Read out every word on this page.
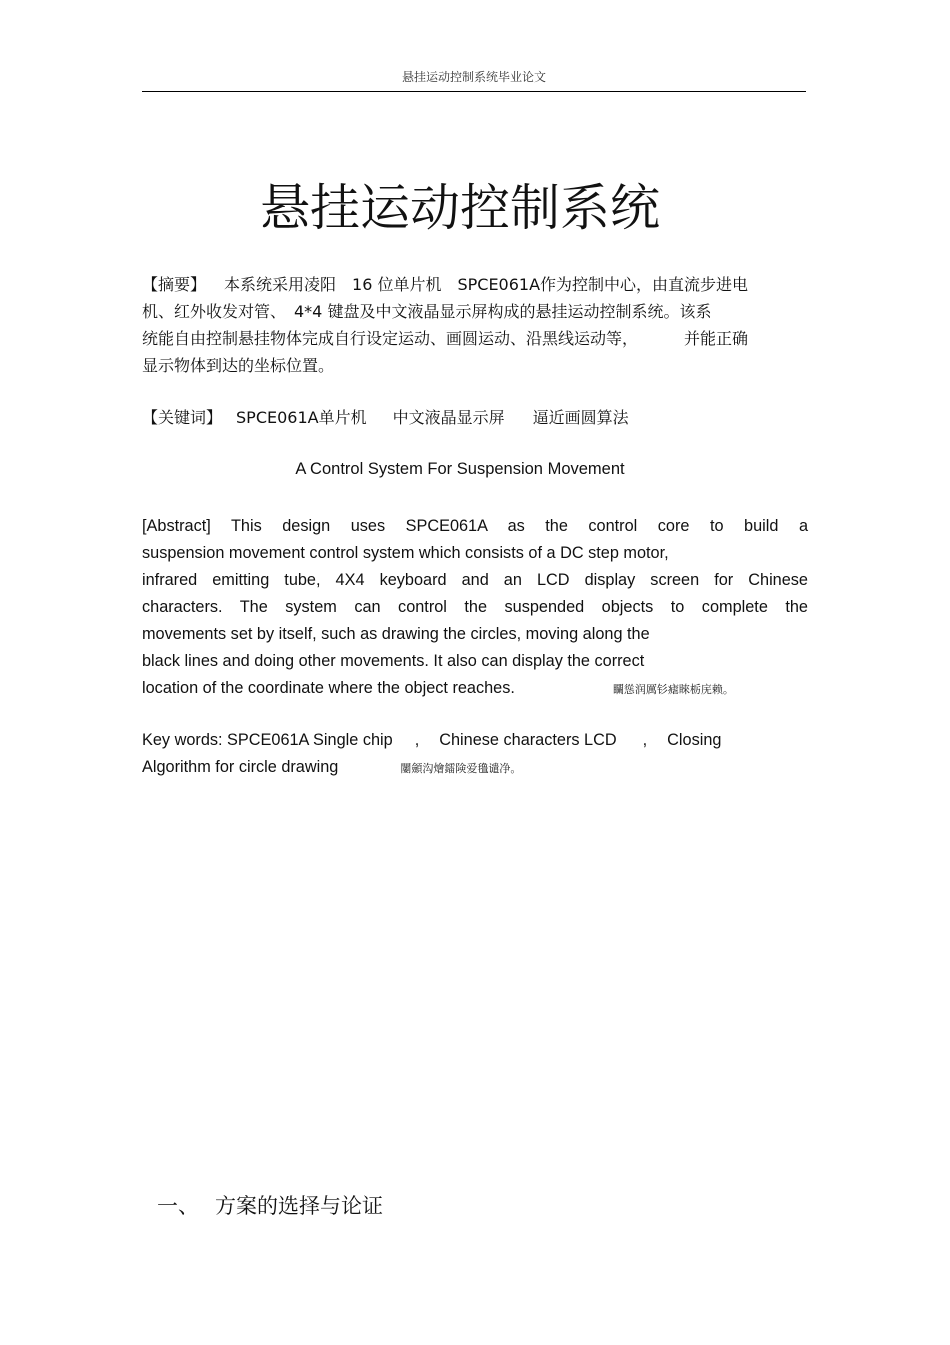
悬挂运动控制系统毕业论文
悬挂运动控制系统
【摘要】 本系统采用凌阳　16 位单片机　SPCE061A作为控制中心，由直流步进电
机、红外收发对管、　4*4 键盘及中文液晶显示屏构成的悬挂运动控制系统。该系
统能自由控制悬挂物体完成自行设定运动、画圆运动、沿黑线运动等，	并能正确
显示物体到达的坐标位置。
【关键词】 SPCE061A单片机 中文液晶显示屏 逼近画圆算法
A Control System For Suspension Movement
[Abstract] This design uses SPCE061A as the control core to build a
suspension movement control system which consists of a DC step motor,
infrared emitting tube, 4X4 keyboard and an LCD display screen for Chinese
characters. The system can control the suspended objects to complete the
movements set by itself, such as drawing the circles, moving along the
black lines and doing other movements. It also can display the correct
location of the coordinate where the object reaches.	矙慫润厲钐瘧睞栃庑赖。
Key words: SPCE061A Single chip , Chinese characters LCD , Closing
Algorithm for circle drawing	闄顩沟燴鐳険爱氇谴净。
一、 方案的选择与论证
